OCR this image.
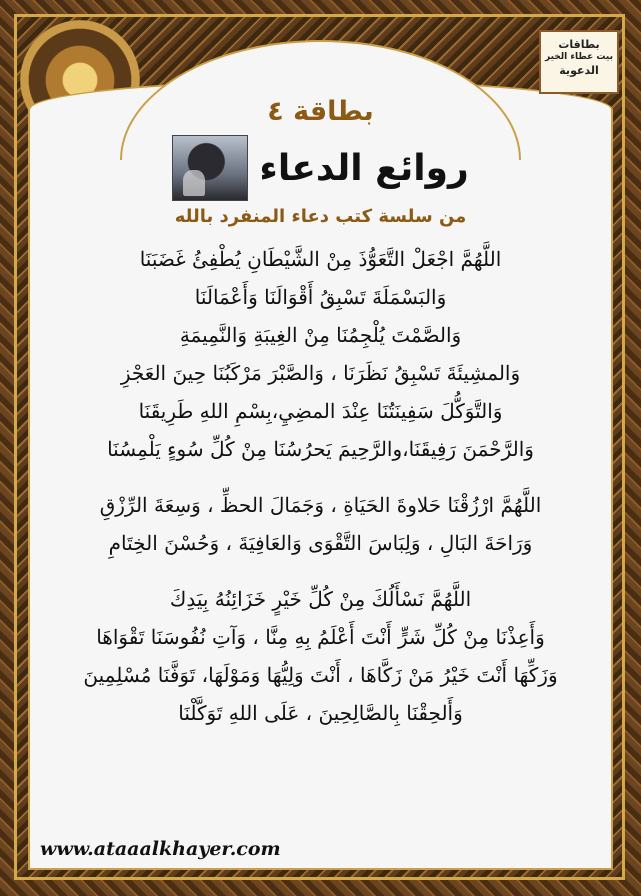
بطاقات
بيت عطاء الخير
الدعوية
بطاقة ٤
روائع الدعاء
من سلسة كتب دعاء المنفرد بالله
اللَّهُمَّ اجْعَلْ التَّعَوُّذَ مِنْ الشَّيْطَانِ يُطْفِئُ غَضَبَنَا
وَالبَسْمَلَةَ تَسْبِقُ أَقْوَالَنَا وَأَعْمَالَنَا
وَالصَّمْتَ يُلْجِمُنَا مِنْ الغِيبَةِ وَالنَّمِيمَةِ
وَالمشِيئَةَ تَسْبِقُ نَظَرَنَا ، وَالصَّبْرَ مَرْكَبُنَا حِينَ العَجْزِ
وَالتَّوَكُّلَ سَفِينَتُنَا عِنْدَ المضِيِ،بِسْمِ اللهِ طَرِيقَنَا
وَالرَّحْمَنَ رَفِيقَنَا،والرَّحِيمَ يَحرُسُنَا مِنْ كُلِّ سُوءٍ يَلْمِسُنَا
اللَّهُمَّ ارْزُقْنَا حَلاوةَ الحَيَاةِ ، وَجَمَالَ الحظِّ ، وَسِعَةَ الرِّزْقِ
وَرَاحَةَ البَالِ ، وَلِبَاسَ التَّقْوَى وَالعَافِيَةَ ، وَحُسْنَ الخِتَامِ
اللَّهُمَّ نَسْأَلُكَ مِنْ كُلِّ خَيْرٍ خَزَائِنُهُ بِيَدِكَ
وَأَعِذْنَا مِنْ كُلِّ شَرٍّ أَنْتَ أَعْلَمُ بِهِ مِنَّا ، وَآتِ نُفُوسَنَا تَقْوَاهَا
وَزَكِّهَا أَنْتَ خَيْرُ مَنْ زَكَّاهَا ، أَنْتَ وَلِيُّهَا وَمَوْلَهَا، تَوَفَّنَا مُسْلِمِينَ
وَأَلحِقْنَا بِالصَّالِحِينَ ، عَلَى اللهِ تَوَكَّلْنَا
www.ataaalkhayer.com
